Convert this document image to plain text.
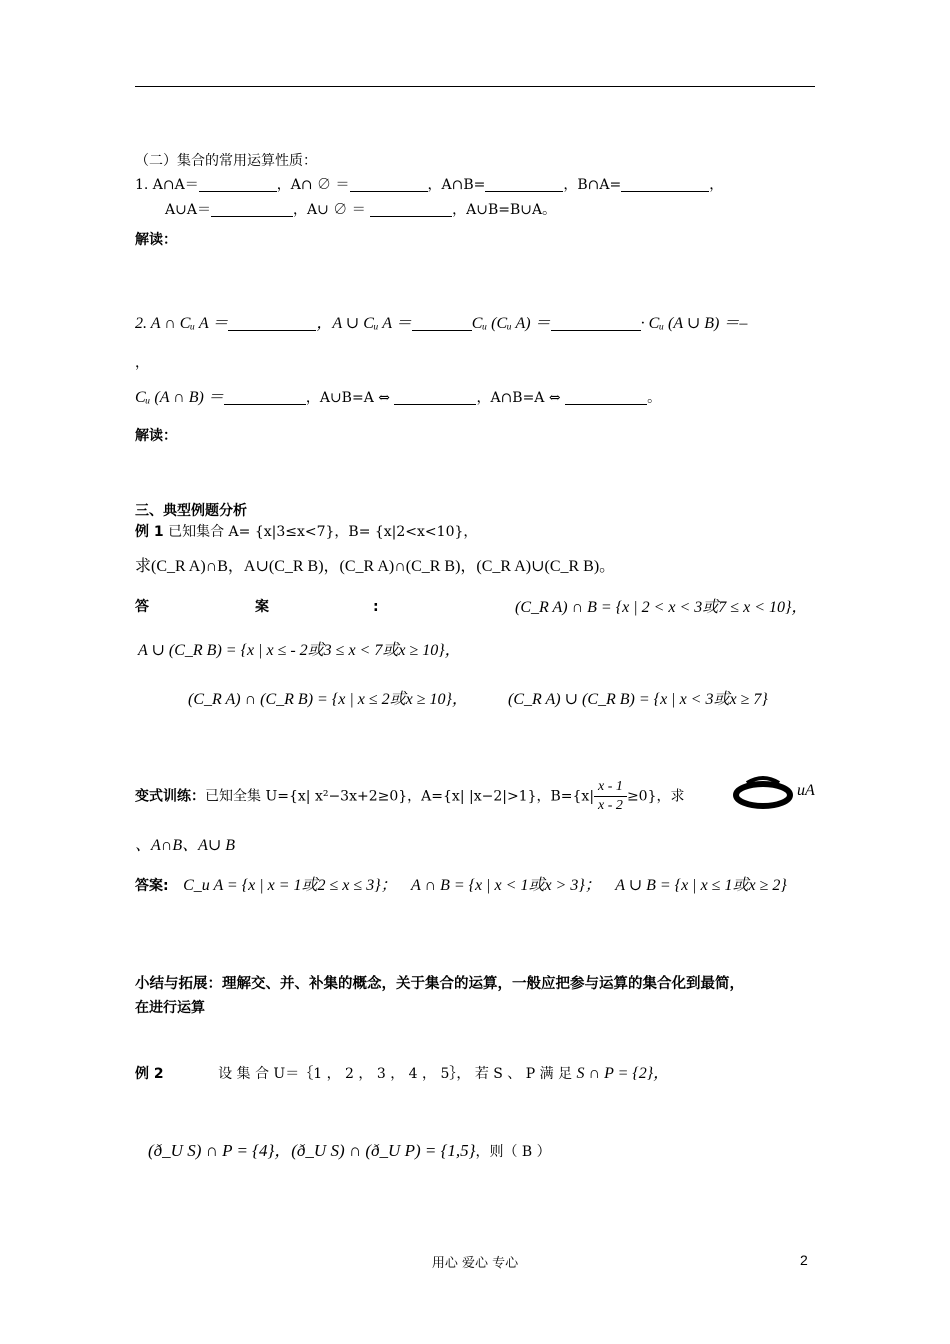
（二）集合的常用运算性质：
1. A∩A＝	，A∩ ∅ ＝	，A∩B=	，B∩A=	，
A∪A＝	，A∪ ∅ ＝	，A∪B=B∪A。
解读：
2. A ∩ Cᵤ A ＝	，A ∪ Cᵤ A ＝	Cᵤ (Cᵤ A) ＝	· Cᵤ (A ∪ B) ＝–
，
Cᵤ (A ∩ B) ＝	，A∪B=A ⇔	，A∩B=A ⇔	。
解读：
三、典型例题分析
例 1 已知集合 A= {x|3≤x<7}，B= {x|2<x<10}，
求(C_R A)∩B，A∪(C_R B)，(C_R A)∩(C_R B)，(C_R A)∪(C_R B)。
答	案	:	(C_R A) ∩ B = {x | 2 < x < 3或7 ≤ x < 10}，
A ∪ (C_R B) = {x | x ≤ - 2或3 ≤ x < 7或x ≥ 10}，
(C_R A) ∩ (C_R B) = {x | x ≤ 2或x ≥ 10}，	(C_R A) ∪ (C_R B) = {x | x < 3或x ≥ 7}
变式训练：已知全集 U={x| x²−3x+2≥0}，A={x| |x−2|>1}，$B=\{x| \frac{x - 1}{x - 2} \ge 0\}$，求	uA
、A∩B、A∪ B
答案: C_u A = {x | x = 1或2 ≤ x ≤ 3}； A ∩ B = {x | x < 1或x > 3}； A ∪ B = {x | x ≤ 1或x ≥ 2}
小结与拓展：理解交、并、补集的概念，关于集合的运算，一般应把参与运算的集合化到最简，
在进行运算
例 2	设 集 合 U＝｛1 ， 2 ， 3 ， 4 ， 5｝， 若 S 、 P 满 足 S ∩ P = {2}，
(ð_U S) ∩ P = {4}，(ð_U S) ∩ (ð_U P) = {1,5}，则（ B ）
用心 爱心 专心	2
